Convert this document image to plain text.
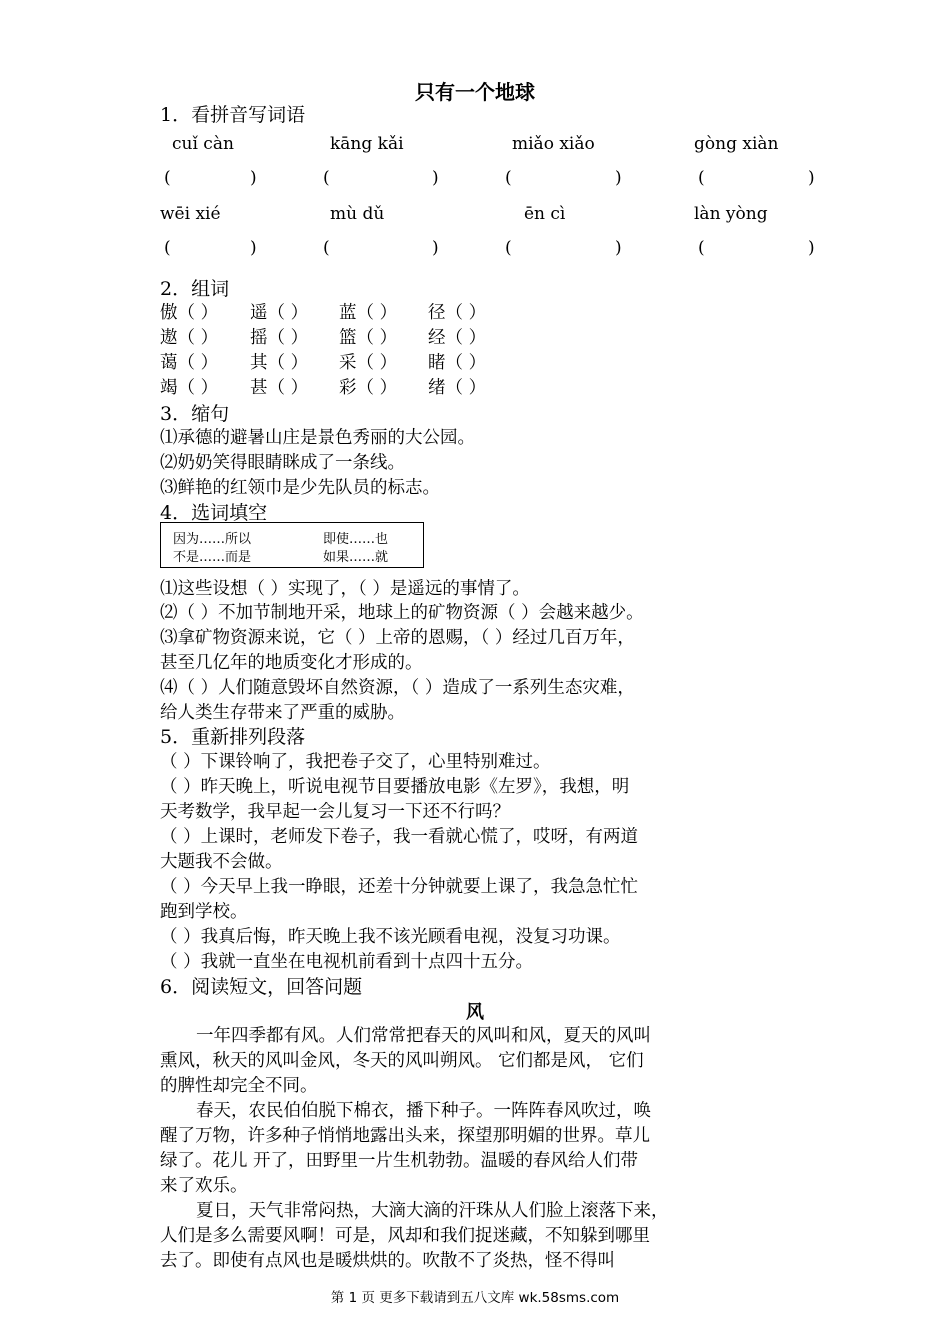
只有一个地球
1．看拼音写词语
cuǐ càn	kāng kǎi	miǎo xiǎo	gòng xiàn
(	)	(	)	(	)	(	)
wēi xié	mù dǔ	ēn cì	làn yòng
(	)	(	)	(	)	(	)
2．组词
傲（ ） 遥（ ） 蓝（ ） 径（ ）
遨（ ） 摇（ ） 篮（ ） 经（ ）
蔼（ ） 其（ ） 采（ ） 睹（ ）
竭（ ） 甚（ ） 彩（ ） 绪（ ）
3．缩句
⑴承德的避暑山庄是景色秀丽的大公园。
⑵奶奶笑得眼睛眯成了一条线。
⑶鲜艳的红领巾是少先队员的标志。
4．选词填空
因为……所以	即使……也
不是……而是	如果……就
⑴这些设想（ ）实现了，（ ）是遥远的事情了。
⑵（ ）不加节制地开采，地球上的矿物资源（ ）会越来越少。
⑶拿矿物资源来说，它（ ）上帝的恩赐，（ ）经过几百万年，
甚至几亿年的地质变化才形成的。
⑷（ ）人们随意毁坏自然资源，（ ）造成了一系列生态灾难，
给人类生存带来了严重的威胁。
5．重新排列段落
（ ）下课铃响了，我把卷子交了，心里特别难过。
（ ）昨天晚上，听说电视节目要播放电影《左罗》，我想，明
天考数学，我早起一会儿复习一下还不行吗？
（ ）上课时，老师发下卷子，我一看就心慌了，哎呀，有两道
大题我不会做。
（ ）今天早上我一睁眼，还差十分钟就要上课了，我急急忙忙
跑到学校。
（ ）我真后悔，昨天晚上我不该光顾看电视，没复习功课。
（ ）我就一直坐在电视机前看到十点四十五分。
6．阅读短文，回答问题
风
一年四季都有风。人们常常把春天的风叫和风，夏天的风叫
熏风，秋天的风叫金风，冬天的风叫朔风。 它们都是风， 它们
的脾性却完全不同。
春天，农民伯伯脱下棉衣，播下种子。一阵阵春风吹过，唤
醒了万物，许多种子悄悄地露出头来，探望那明媚的世界。草儿
绿了。花儿 开了，田野里一片生机勃勃。温暖的春风给人们带
来了欢乐。
夏日，天气非常闷热，大滴大滴的汗珠从人们脸上滚落下来，
人们是多么需要风啊！可是，风却和我们捉迷藏，不知躲到哪里
去了。即使有点风也是暖烘烘的。吹散不了炎热，怪不得叫
第 1 页 更多下载请到五八文库 wk.58sms.com
